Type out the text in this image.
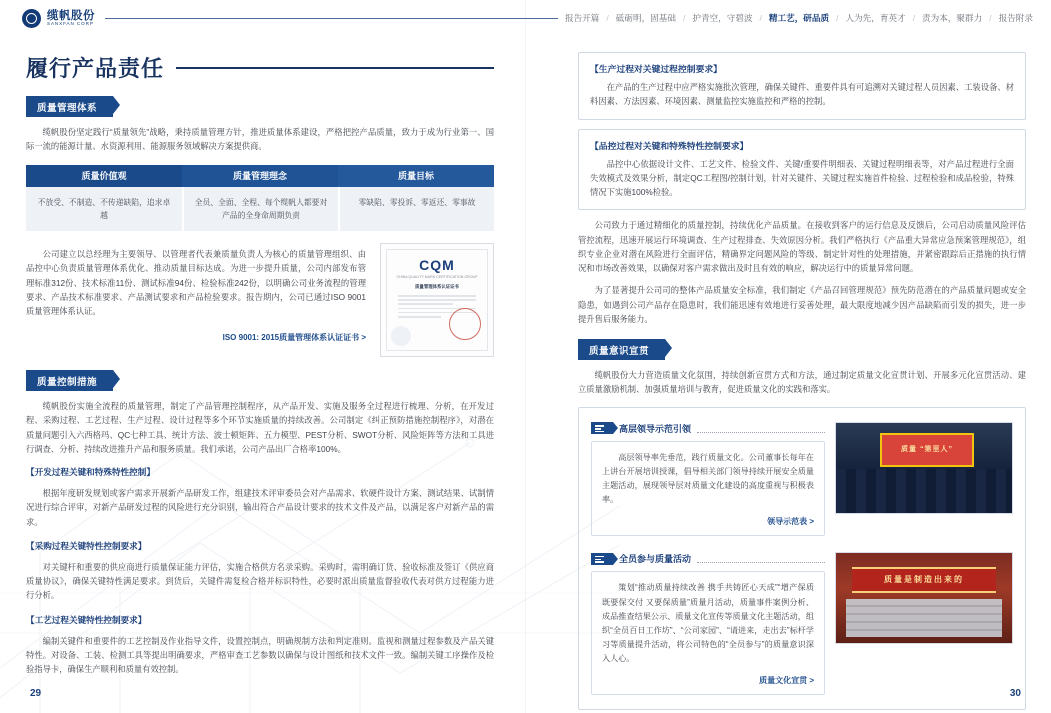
缆帆股份
SANXFAN CORP
报告开篇 / 砥砺明，固基础 / 护青空，守碧波 / 精工艺，研品质 / 人为先，育英才 / 责为本，聚群力 / 报告附录
履行产品责任
质量管理体系

缆帆股份坚定践行“质量领先”战略，秉持质量管理方针，推进质量体系建设，严格把控产品质量，致力于成为行业第一、国际一流的能源计量、水资源利用、能源服务领域解决方案提供商。

质量价值观
不放受、不制造、不传递缺陷，追求卓越
质量管理理念
全员、全面、全程、每个缆帆人都要对产品的全身命周期负责
质量目标
零缺陷、零投诉、零返还、零事故

公司建立以总经理为主要领导、以管理者代表兼质量负责人为核心的质量管理组织、由品控中心负责质量管理体系优化、推动质量目标达成。为进一步提升质量，公司内部发布管理标准312份、技术标准11份、测试标准94份、检验标准242份，以明确公司业务流程的管理要求、产品技术标准要求、产品测试要求和产品检验要求。报告期内，公司已通过ISO 9001质量管理体系认证。

ISO 9001: 2015质量管理体系认证证书 >
CQM
CHINA QUALITY MARK CERTIFICATION GROUP
质量管理体系认证证书
质量控制措施

缆帆股份实施全流程的质量管理，制定了产品管理控制程序，从产品开发、实施及服务全过程进行梳理、分析，在开发过程、采购过程、工艺过程、生产过程、设计过程等多个环节实施质量的持续改善。公司制定《纠正预防措施控制程序》，对潜在质量问题引入六西格玛、QC七种工具、统计方法、波士顿矩阵、五力模型、PEST分析、SWOT分析、风险矩阵等方法和工具进行调查、分析、持续改进推升产品和服务质量。我们承诺，公司产品出厂合格率100%。

【开发过程关键和特殊特性控制】

根据年度研发规划或客户需求开展新产品研发工作，组建技术评审委员会对产品需求、软硬件设计方案、测试结果、试制情况进行综合评审，对新产品研发过程的风险进行充分识别，输出符合产品设计要求的技术文件及产品，以满足客户对新产品的需求。

【采购过程关键特性控制要求】

对关键杆和重要的供应商进行质量保证能力评估，实施合格供方名录采购。采购时，需明确订货、验收标准及签订《供应商质量协议》，确保关键特性满足要求。到货后，关键件需复检合格并标识特性，必要时派出质量监督验收代表对供方过程能力进行分析。

【工艺过程关键特性控制要求】

编制关键件和重要件的工艺控制及作业指导文件，设置控制点，明确规制方法和判定准则。监视和测量过程参数及产品关键特性。对设备、工装、检测工具等提出明确要求，严格审查工艺参数以确保与设计图纸和技术文件一致。编制关键工序操作及检验指导卡，确保生产顺利和质量有效控制。

【生产过程对关键过程控制要求】

在产品的生产过程中应严格实施批次管理，确保关键件、重要件具有可追溯对关键过程人员因素、工装设备、材料因素、方法因素、环境因素、测量监控实施监控和严格的控制。

【品控过程对关键和特殊特性控制要求】

品控中心依据设计文件、工艺文件、检验文件、关键/重要件明细表、关键过程明细表等，对产品过程进行全面失效模式及效果分析，制定QC工程图/控制计划，针对关键件、关键过程实施首件检验、过程检验和成品检验，特殊情况下实施100%检验。

公司致力于通过精细化的质量控制，持续优化产品质量。在接收到客户的运行信息及反馈后，公司启动质量风险评估管控流程，迅速开展运行环境调查、生产过程排查、失效原因分析。我们严格执行《产品重大异常应急预案管理规范》，组织专业企业对潜在风险进行全面评估，精确界定问题风险的等级、制定针对性的处理措施，并紧密跟踪后正措施的执行情况和市场改善效果，以确保对客户需求做出及时且有效的响应，解决运行中的质量异常问题。

为了显著提升公司司的整体产品质量安全标准，我们制定《产品召回管理规范》预先防范潜在的产品质量问题或安全隐患，如遇到公司产品存在隐患时，我们能迅速有效地进行妥善处理，最大限度地减少因产品缺陷而引发的损失，进一步提升售后服务能力。

质量意识宣贯

缆帆股份大力营造质量文化氛围，持续创新宣贯方式和方法，通过制定质量文化宣贯计划、开展多元化宣贯活动、建立质量激励机制、加强质量培训与教育，促进质量文化的实践和落实。

高层领导示范引领

高层领导率先垂范，践行质量文化。公司董事长每年在上讲台开展培训授课，倡导相关部门领导持续开展安全质量主题活动，展现领导层对质量文化建设的高度重视与积极表率。

领导示范表 >
质量 “第里人”
全员参与质量活动

策划“推动质量持续改善 携手共铸匠心天成”“增产保质 既要保交付 又要保质量”质量月活动，质量事件案例分析、成品推查结果公示、质量文化宣传等质量文化主题活动，组织“全员百日工作坊”、“公司家园”、“请进来，走出去”标杆学习等质量提升活动，将公司特色的“全员参与”的质量意识深入人心。

质量文化宣贯 >
质量是制造出来的
29	30
